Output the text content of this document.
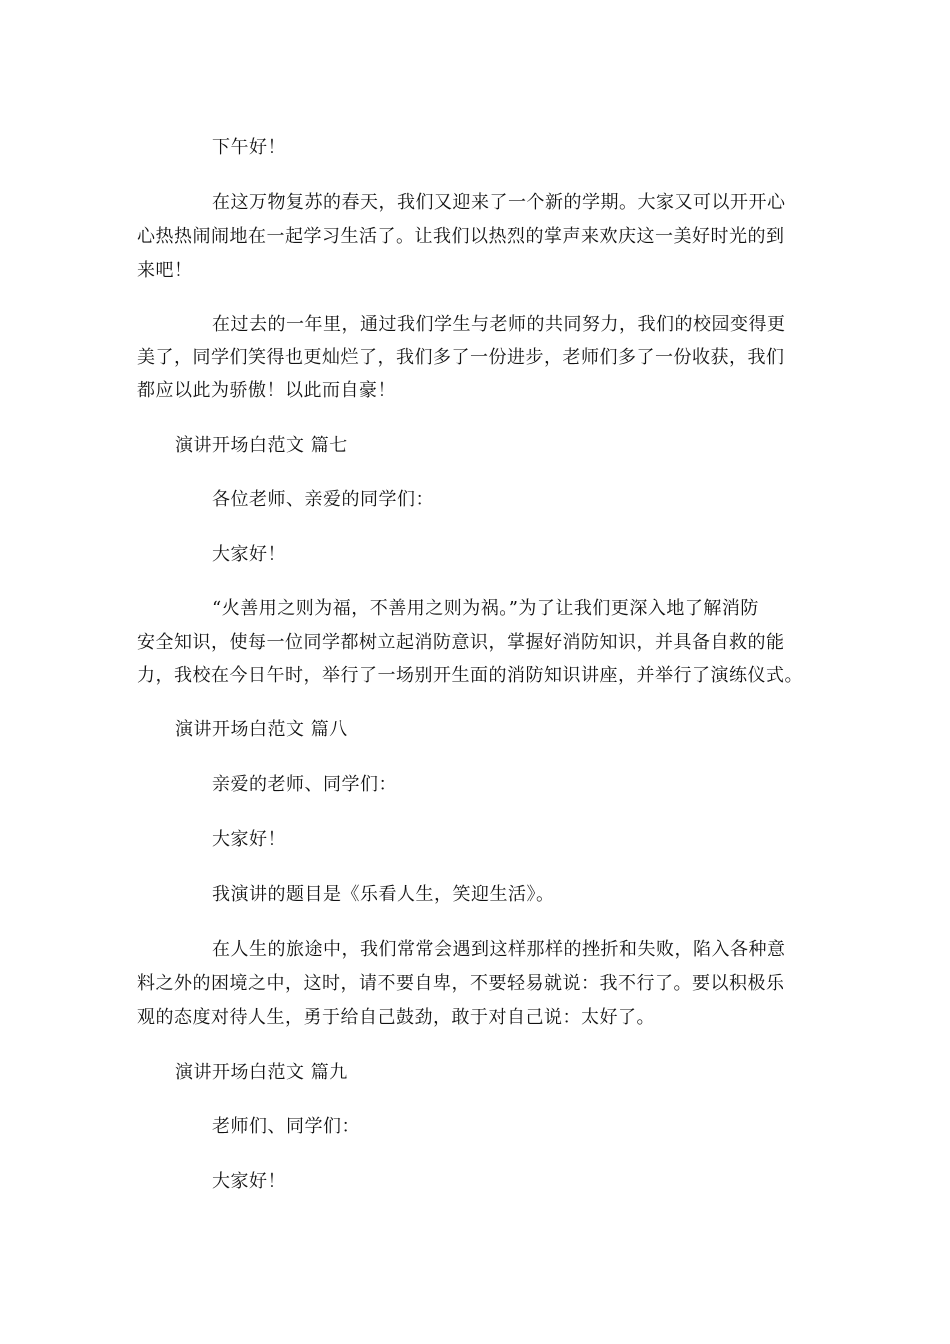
下午好！
在这万物复苏的春天，我们又迎来了一个新的学期。大家又可以开开心
心热热闹闹地在一起学习生活了。让我们以热烈的掌声来欢庆这一美好时光的到
来吧！
在过去的一年里，通过我们学生与老师的共同努力，我们的校园变得更
美了，同学们笑得也更灿烂了，我们多了一份进步，老师们多了一份收获，我们
都应以此为骄傲！以此而自豪！
演讲开场白范文 篇七
各位老师、亲爱的同学们：
大家好！
“火善用之则为福，不善用之则为祸。”为了让我们更深入地了解消防
安全知识，使每一位同学都树立起消防意识，掌握好消防知识，并具备自救的能
力，我校在今日午时，举行了一场别开生面的消防知识讲座，并举行了演练仪式。
演讲开场白范文 篇八
亲爱的老师、同学们：
大家好！
我演讲的题目是《乐看人生，笑迎生活》。
在人生的旅途中，我们常常会遇到这样那样的挫折和失败，陷入各种意
料之外的困境之中，这时，请不要自卑，不要轻易就说：我不行了。要以积极乐
观的态度对待人生，勇于给自己鼓劲，敢于对自己说：太好了。
演讲开场白范文 篇九
老师们、同学们：
大家好！
